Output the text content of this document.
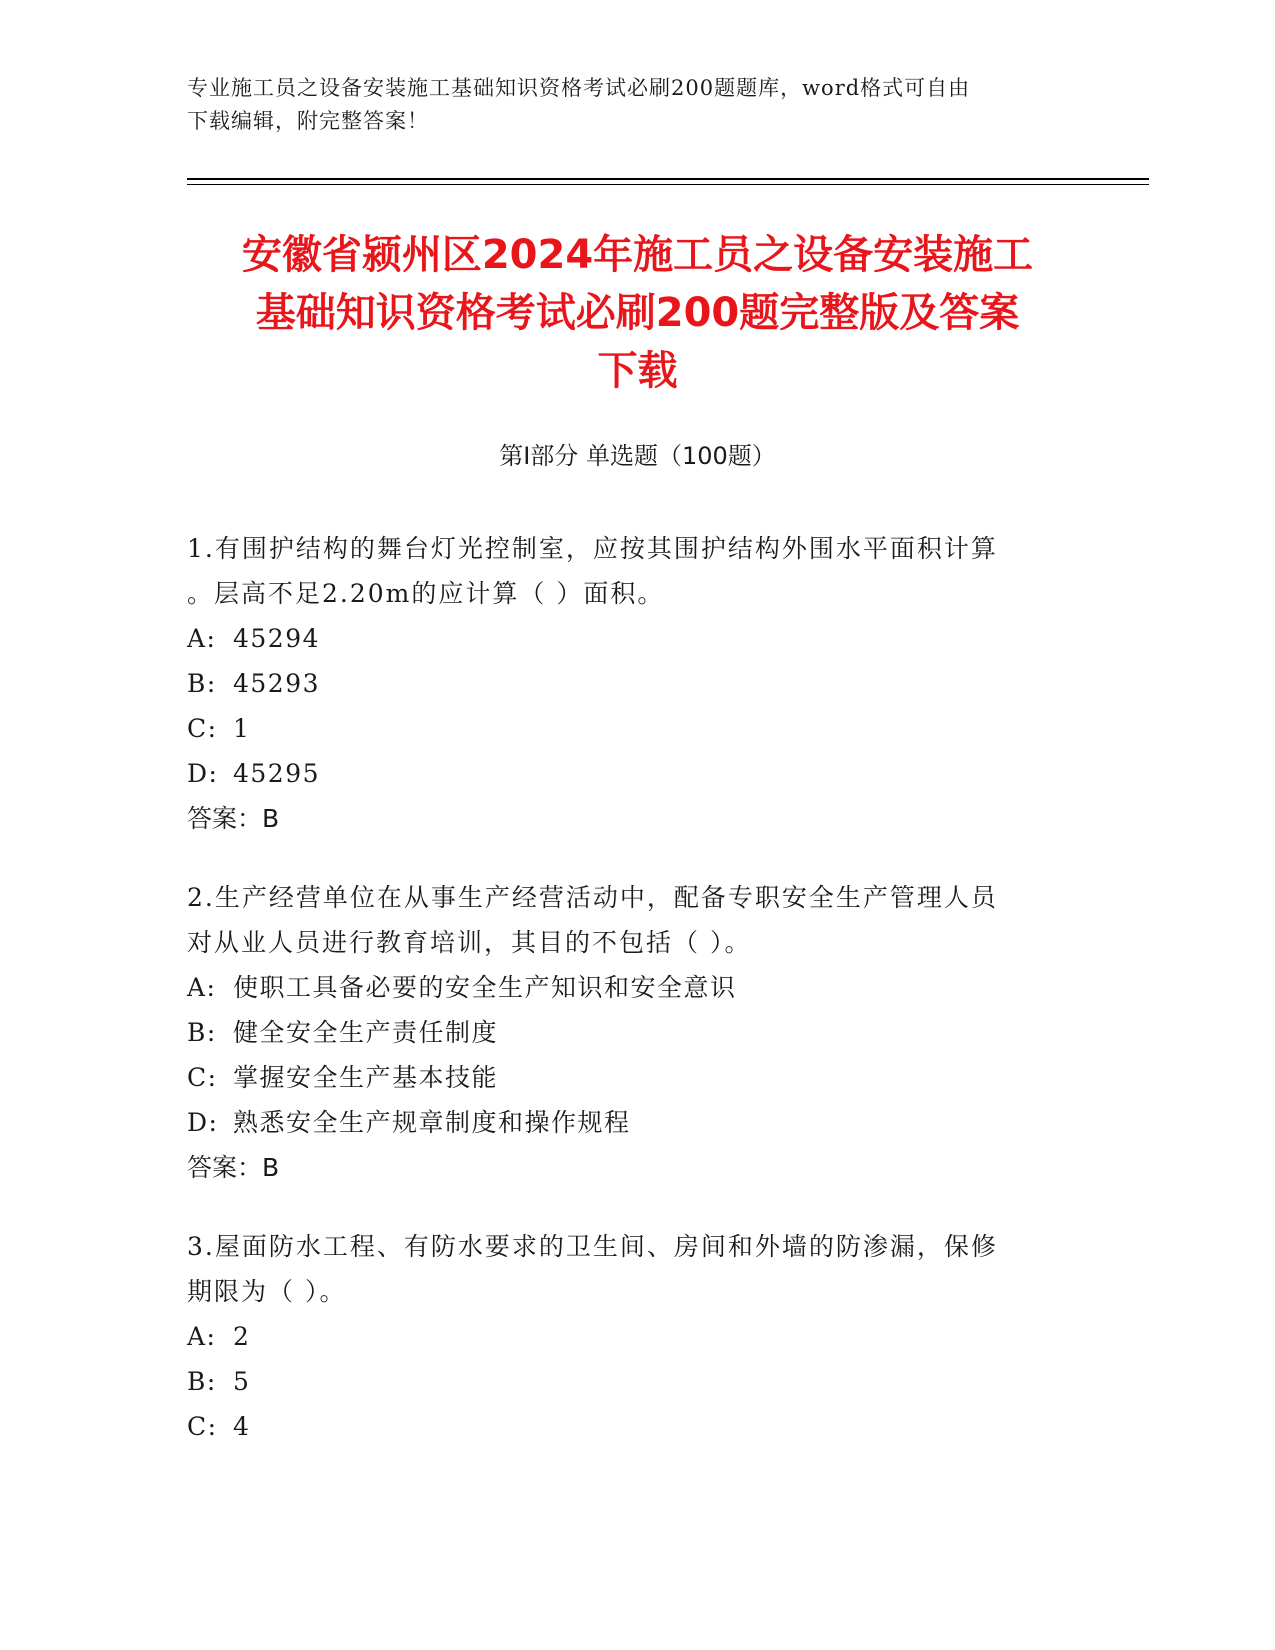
专业施工员之设备安装施工基础知识资格考试必刷200题题库，word格式可自由
下载编辑，附完整答案！
安徽省颍州区2024年施工员之设备安装施工
基础知识资格考试必刷200题完整版及答案
下载
第Ⅰ部分 单选题（100题）

1.有围护结构的舞台灯光控制室，应按其围护结构外围水平面积计算
。层高不足2.20m的应计算（ ）面积。

A: 45294

B: 45293

C: 1

D: 45295

答案：B

2.生产经营单位在从事生产经营活动中，配备专职安全生产管理人员
对从业人员进行教育培训，其目的不包括（ ）。

A: 使职工具备必要的安全生产知识和安全意识

B: 健全安全生产责任制度

C: 掌握安全生产基本技能

D: 熟悉安全生产规章制度和操作规程

答案：B

3.屋面防水工程、有防水要求的卫生间、房间和外墙的防渗漏，保修
期限为（ ）。

A: 2

B: 5

C: 4
